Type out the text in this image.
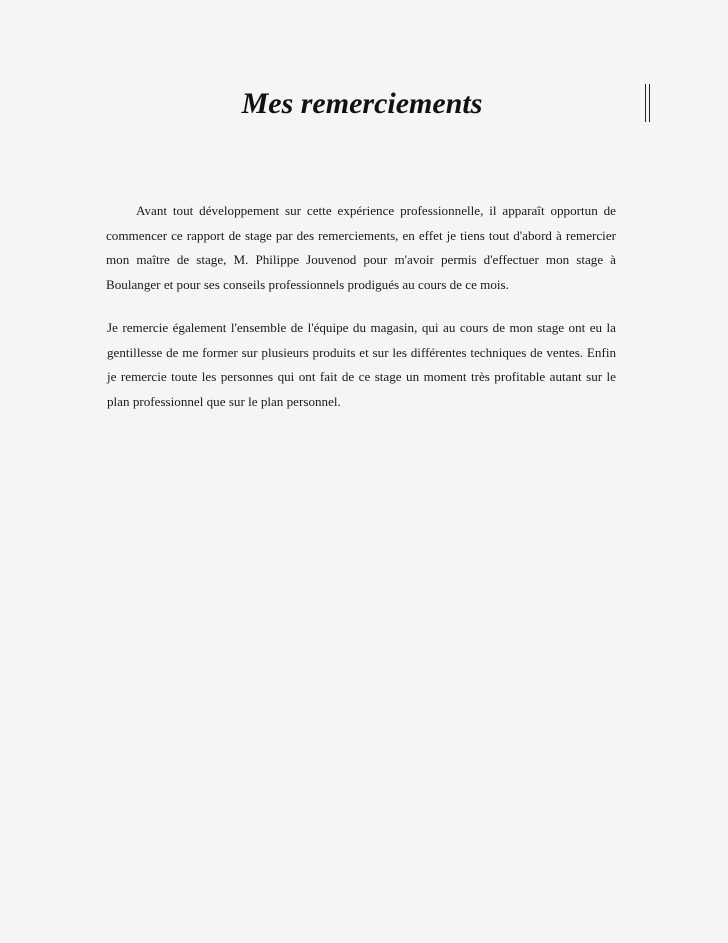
Mes remerciements

Avant tout développement sur cette expérience professionnelle, il apparaît opportun de commencer ce rapport de stage par des remerciements, en effet je tiens tout d'abord à remercier mon maître de stage, M. Philippe Jouvenod pour m'avoir permis d'effectuer mon stage à Boulanger et pour ses conseils professionnels prodigués au cours de ce mois.

Je remercie également l'ensemble de l'équipe du magasin, qui au cours de mon stage ont eu la gentillesse de me former sur plusieurs produits et sur les différentes techniques de ventes. Enfin je remercie toute les personnes qui ont fait de ce stage un moment très profitable autant sur le plan professionnel que sur le plan personnel.
